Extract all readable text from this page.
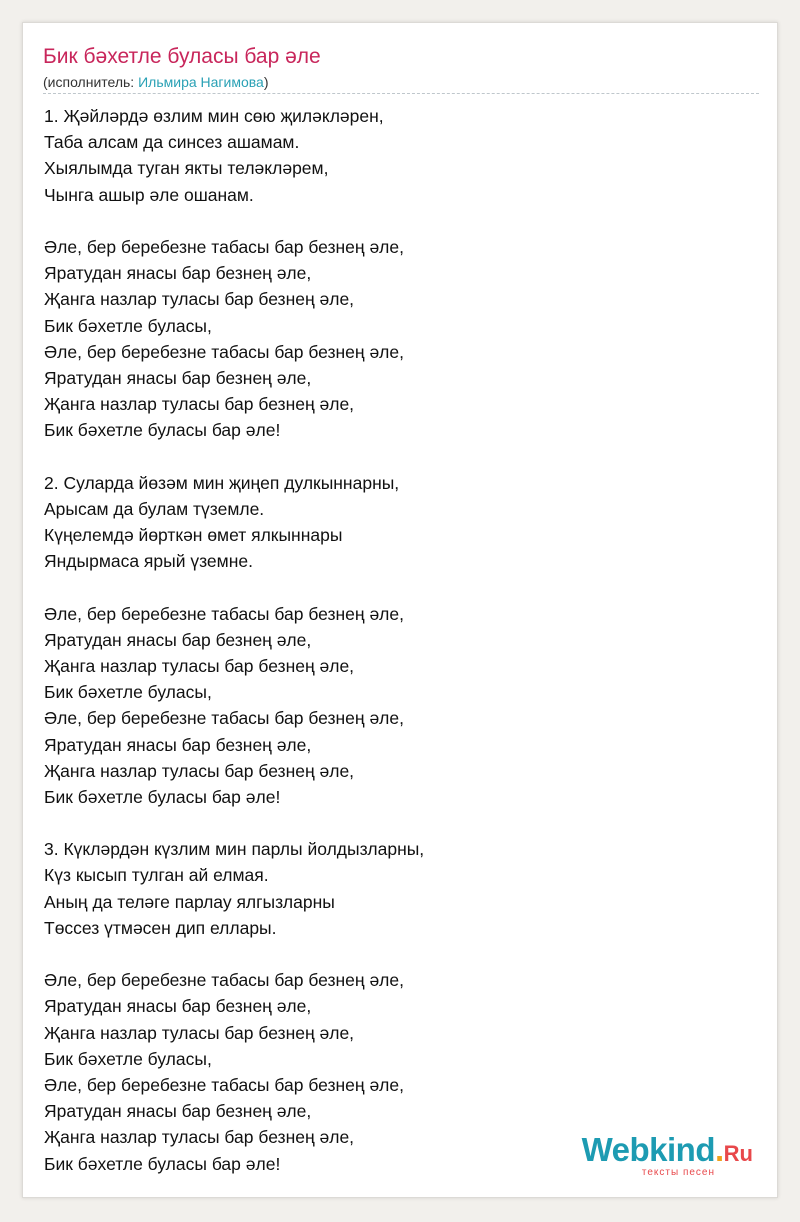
Бик бәхетле буласы бар әле
(исполнитель: Ильмира Нагимова)
1. Җәйләрдә өзлим мин сөю җиләкләрен,
Таба алсам да синсез ашамам.
Хыялымда туган якты теләкләрем,
Чынга ашыр әле ошанам.
Әле, бер беребезне табасы бар безнең әле,
Яратудан янасы бар безнең әле,
Җанга назлар туласы бар безнең әле,
Бик бәхетле буласы,
Әле, бер беребезне табасы бар безнең әле,
Яратудан янасы бар безнең әле,
Җанга назлар туласы бар безнең әле,
Бик бәхетле буласы бар әле!
2. Суларда йөзәм мин җиңеп дулкыннарны,
Арысам да булам түземле.
Күңелемдә йөрткән өмет ялкыннары
Яндырмаса ярый үземне.
Әле, бер беребезне табасы бар безнең әле,
Яратудан янасы бар безнең әле,
Җанга назлар туласы бар безнең әле,
Бик бәхетле буласы,
Әле, бер беребезне табасы бар безнең әле,
Яратудан янасы бар безнең әле,
Җанга назлар туласы бар безнең әле,
Бик бәхетле буласы бар әле!
3. Күкләрдән күзлим мин парлы йолдызларны,
Күз кысып тулган ай елмая.
Аның да теләге парлау ялгызларны
Төссез үтмәсен дип еллары.
Әле, бер беребезне табасы бар безнең әле,
Яратудан янасы бар безнең әле,
Җанга назлар туласы бар безнең әле,
Бик бәхетле буласы,
Әле, бер беребезне табасы бар безнең әле,
Яратудан янасы бар безнең әле,
Җанга назлар туласы бар безнең әле,
Бик бәхетле буласы бар әле!	Webkind.Ru
тексты песен
